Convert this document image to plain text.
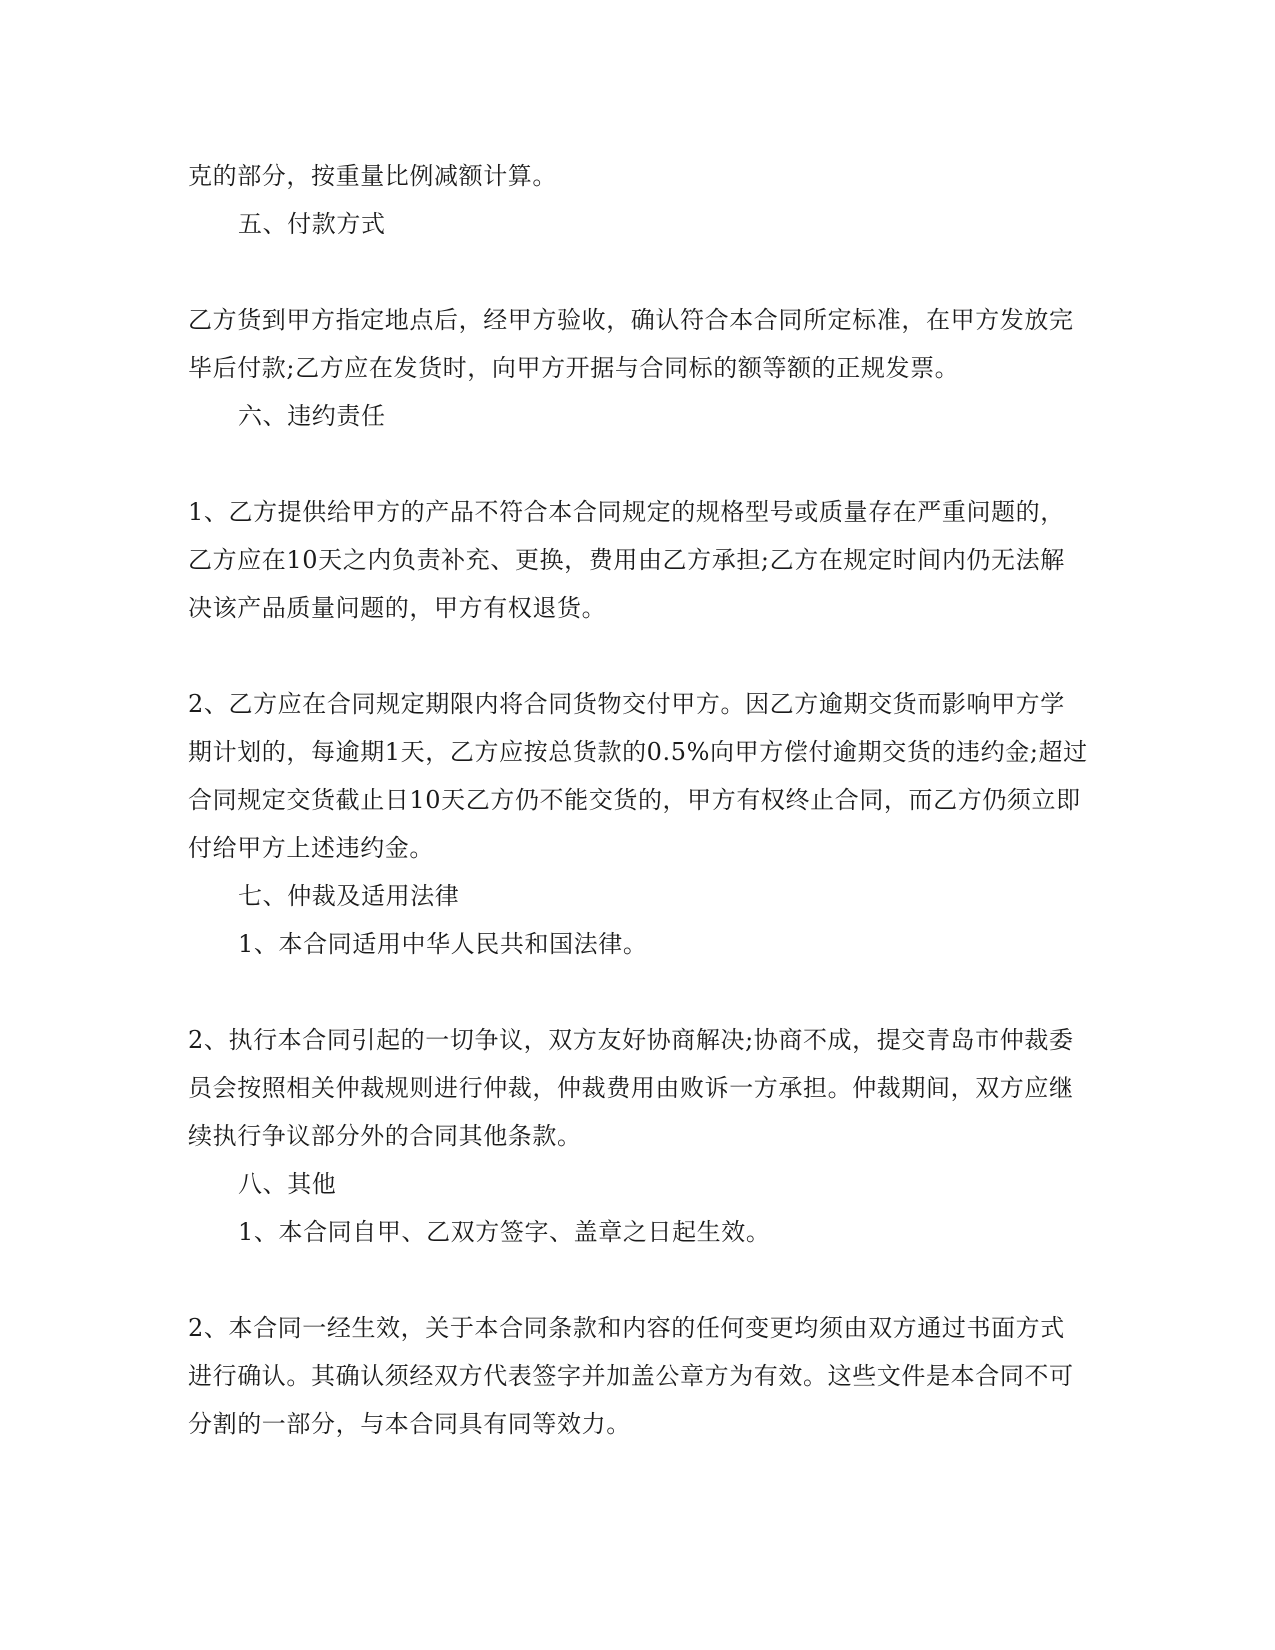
克的部分，按重量比例减额计算。
五、付款方式
乙方货到甲方指定地点后，经甲方验收，确认符合本合同所定标准，在甲方发放完
毕后付款;乙方应在发货时，向甲方开据与合同标的额等额的正规发票。
六、违约责任
1、乙方提供给甲方的产品不符合本合同规定的规格型号或质量存在严重问题的，
乙方应在10天之内负责补充、更换，费用由乙方承担;乙方在规定时间内仍无法解
决该产品质量问题的，甲方有权退货。
2、乙方应在合同规定期限内将合同货物交付甲方。因乙方逾期交货而影响甲方学
期计划的，每逾期1天，乙方应按总货款的0.5%向甲方偿付逾期交货的违约金;超过
合同规定交货截止日10天乙方仍不能交货的，甲方有权终止合同，而乙方仍须立即
付给甲方上述违约金。
七、仲裁及适用法律
1、本合同适用中华人民共和国法律。
2、执行本合同引起的一切争议，双方友好协商解决;协商不成，提交青岛市仲裁委
员会按照相关仲裁规则进行仲裁，仲裁费用由败诉一方承担。仲裁期间，双方应继
续执行争议部分外的合同其他条款。
八、其他
1、本合同自甲、乙双方签字、盖章之日起生效。
2、本合同一经生效，关于本合同条款和内容的任何变更均须由双方通过书面方式
进行确认。其确认须经双方代表签字并加盖公章方为有效。这些文件是本合同不可
分割的一部分，与本合同具有同等效力。
